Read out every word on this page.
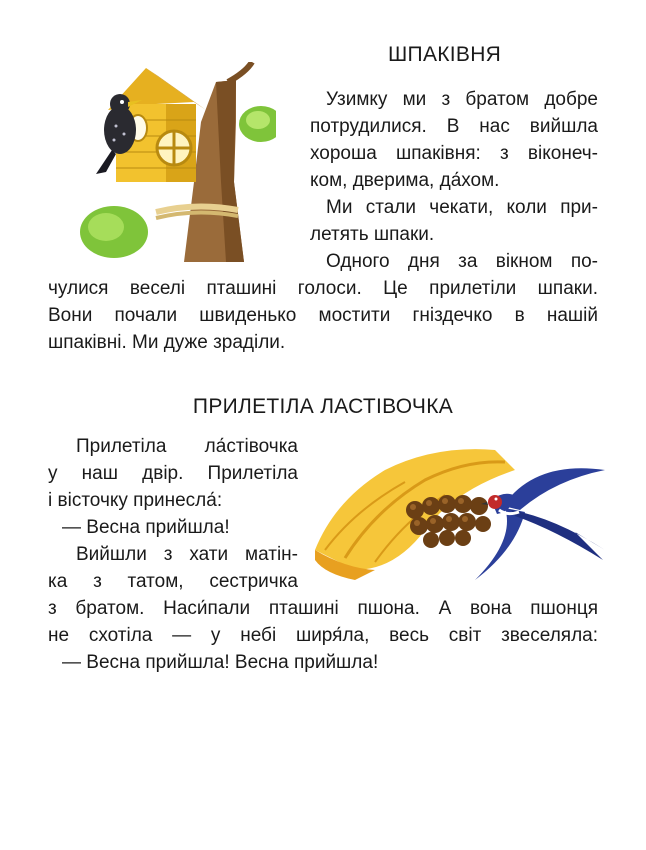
ШПАКІВНЯ

Узимку ми з братом добре

потрудилися. В нас вийшла

хороша шпаківня: з віконеч-

ком, дверима, да́хом.

Ми стали чекати, коли при-

летять шпаки.

Одного дня за вікном по-

чулися веселі пташині голоси. Це прилетіли шпаки.

Вони почали швиденько мостити гніздечко в нашій

шпаківні. Ми дуже зраділи.

ПРИЛЕТІЛА ЛАСТІВОЧКА

Прилетіла ла́стівочка

у наш двір. Прилетіла

і вісточку принесла́:

— Весна прийшла!

Вийшли з хати матін-

ка з татом, сестричка

з братом. Наси́пали пташині пшона. А вона пшонця

не схотіла — у небі ширя́ла, весь світ звеселяла:

— Весна прийшла! Весна прийшла!
